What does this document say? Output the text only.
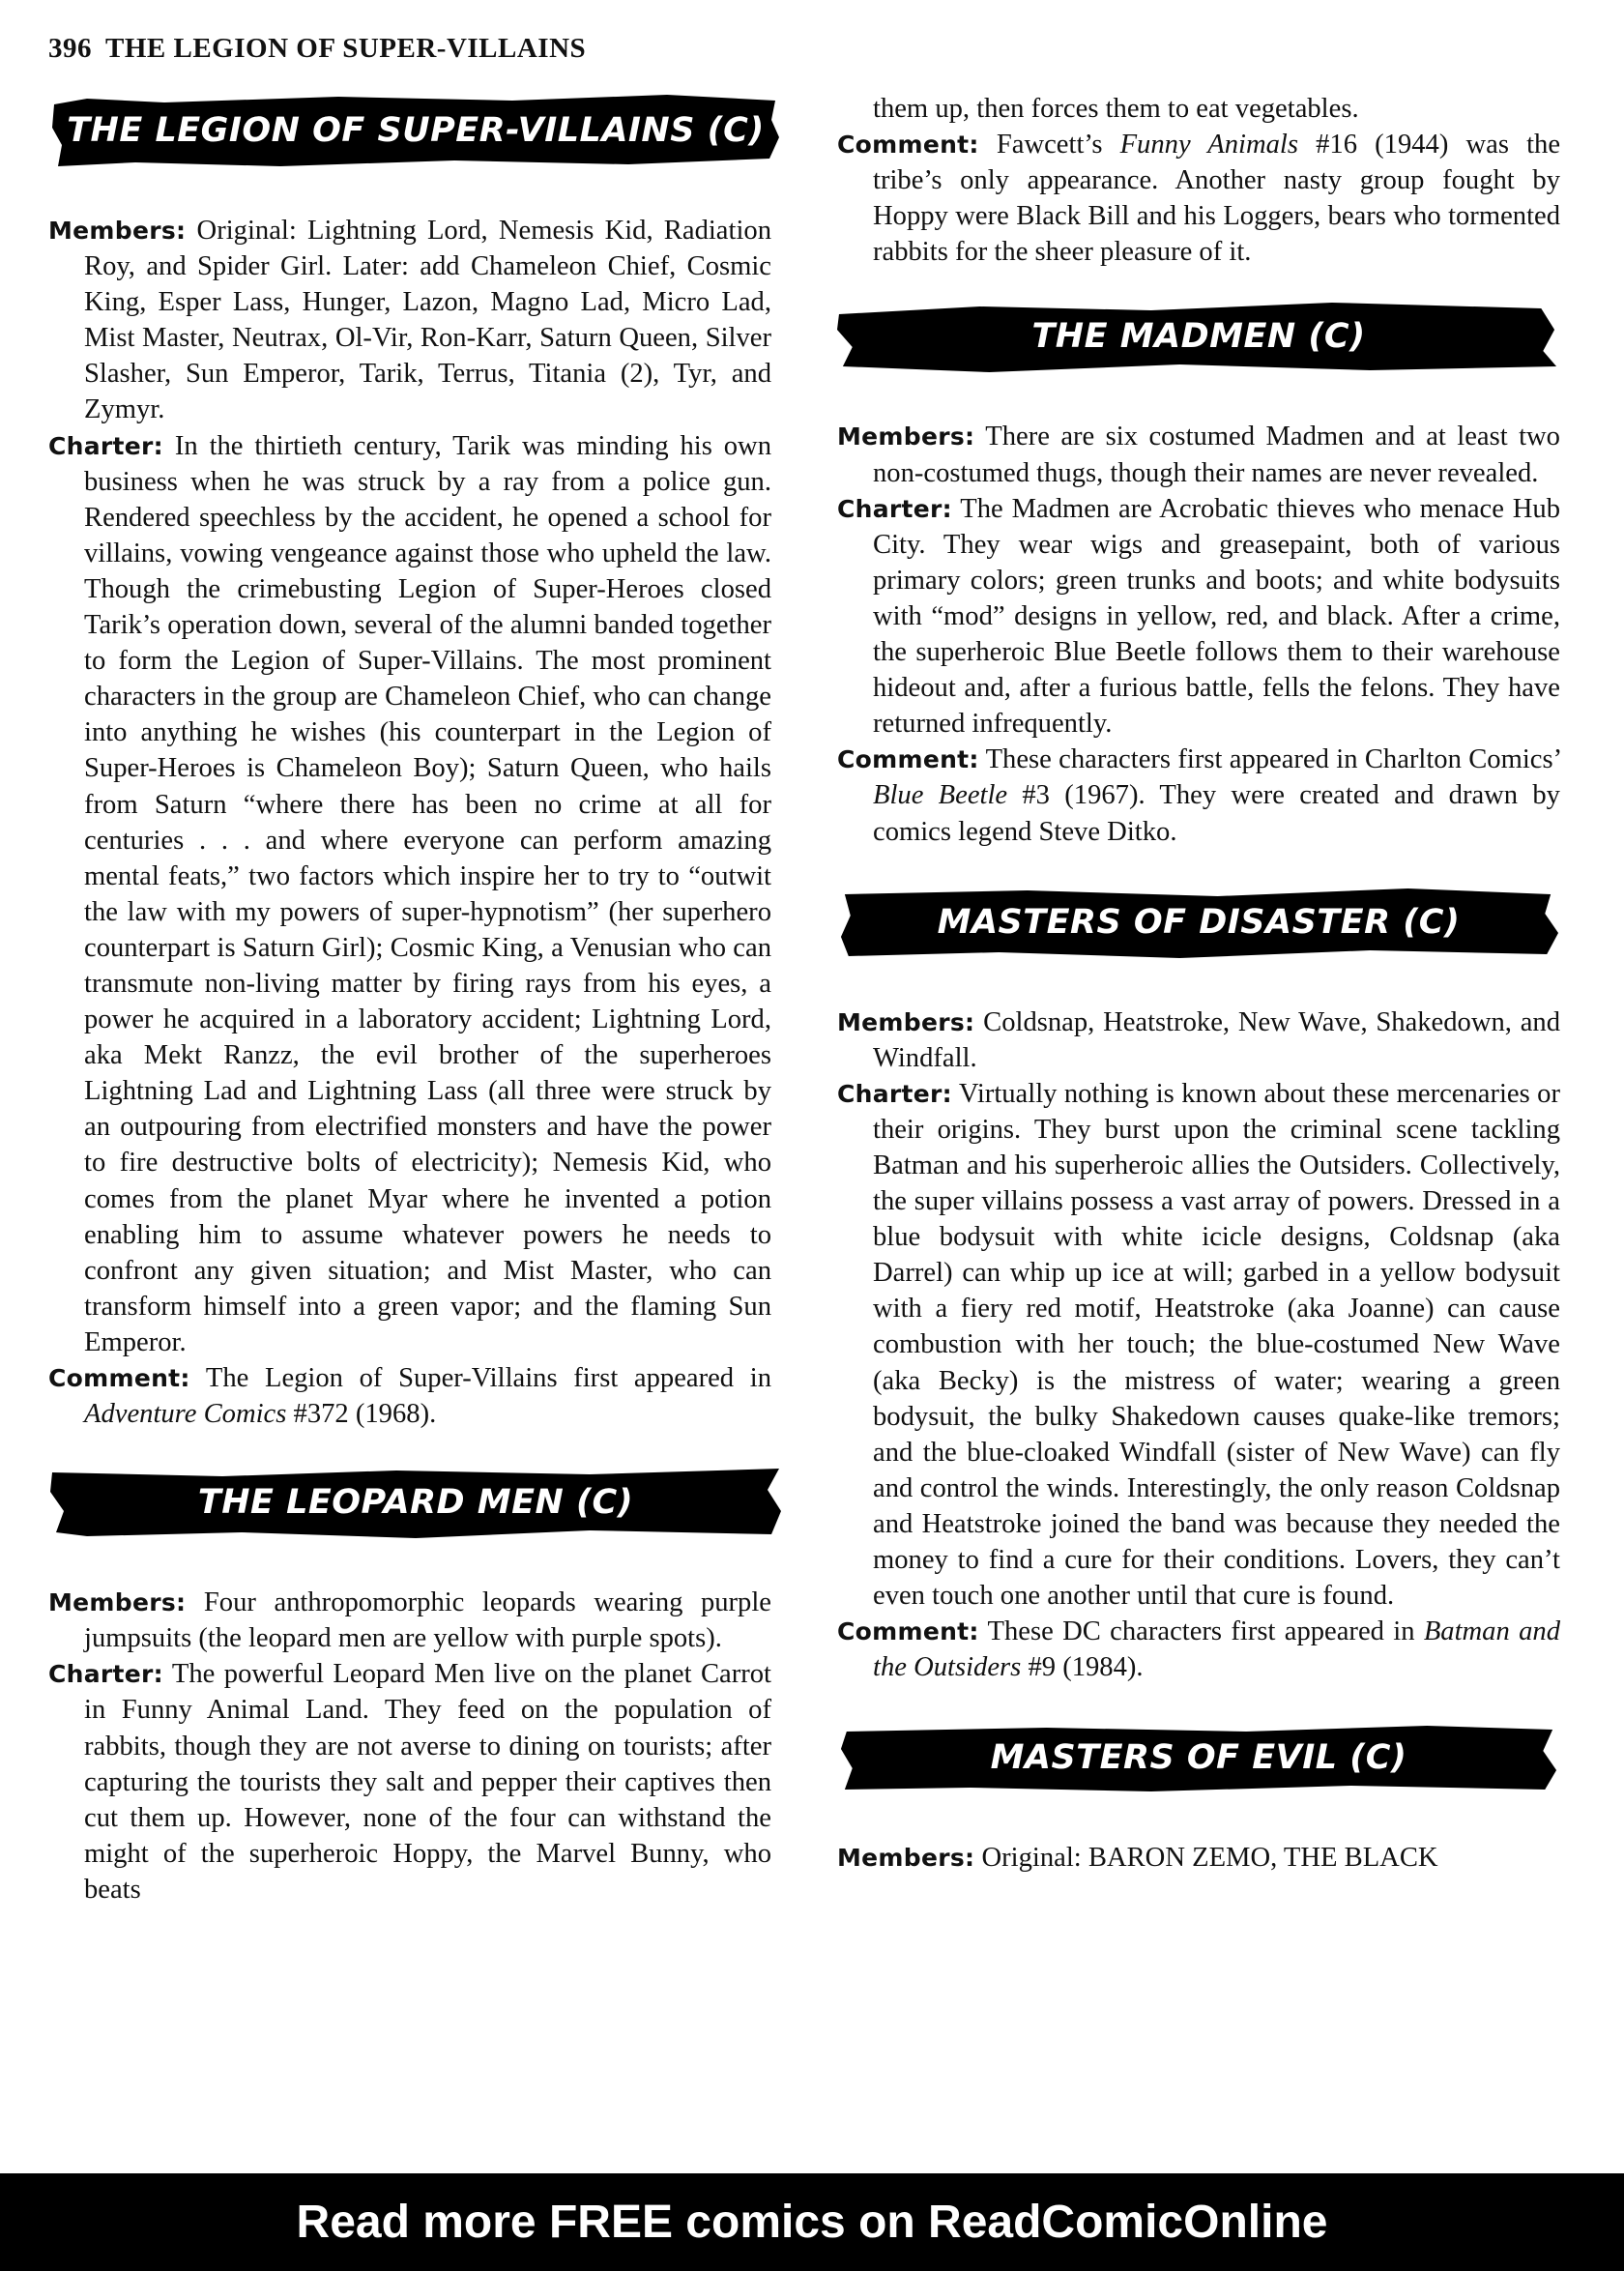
396 THE LEGION OF SUPER-VILLAINS
THE LEGION OF SUPER-VILLAINS (C)

Members: Original: Lightning Lord, Nemesis Kid, Radiation Roy, and Spider Girl. Later: add Chameleon Chief, Cosmic King, Esper Lass, Hunger, Lazon, Magno Lad, Micro Lad, Mist Master, Neutrax, Ol-Vir, Ron-Karr, Saturn Queen, Silver Slasher, Sun Emperor, Tarik, Terrus, Titania (2), Tyr, and Zymyr.

Charter: In the thirtieth century, Tarik was minding his own business when he was struck by a ray from a police gun. Rendered speechless by the accident, he opened a school for villains, vowing vengeance against those who upheld the law. Though the crimebusting Legion of Super-Heroes closed Tarik’s operation down, several of the alumni banded together to form the Legion of Super-Villains. The most prominent characters in the group are Chameleon Chief, who can change into anything he wishes (his counterpart in the Legion of Super-Heroes is Chameleon Boy); Saturn Queen, who hails from Saturn “where there has been no crime at all for centuries . . . and where everyone can perform amazing mental feats,” two factors which inspire her to try to “outwit the law with my powers of super-hypnotism” (her superhero counterpart is Saturn Girl); Cosmic King, a Venusian who can transmute non-living matter by firing rays from his eyes, a power he acquired in a laboratory accident; Lightning Lord, aka Mekt Ranzz, the evil brother of the superheroes Lightning Lad and Lightning Lass (all three were struck by an outpouring from electrified monsters and have the power to fire destructive bolts of electricity); Nemesis Kid, who comes from the planet Myar where he invented a potion enabling him to assume whatever powers he needs to confront any given situation; and Mist Master, who can transform himself into a green vapor; and the flaming Sun Emperor.

Comment: The Legion of Super-Villains first appeared in Adventure Comics #372 (1968).

THE LEOPARD MEN (C)

Members: Four anthropomorphic leopards wearing purple jumpsuits (the leopard men are yellow with purple spots).

Charter: The powerful Leopard Men live on the planet Carrot in Funny Animal Land. They feed on the population of rabbits, though they are not averse to dining on tourists; after capturing the tourists they salt and pepper their captives then cut them up. However, none of the four can withstand the might of the superheroic Hoppy, the Marvel Bunny, who beats

them up, then forces them to eat vegetables.

Comment: Fawcett’s Funny Animals #16 (1944) was the tribe’s only appearance. Another nasty group fought by Hoppy were Black Bill and his Loggers, bears who tormented rabbits for the sheer pleasure of it.

THE MADMEN (C)

Members: There are six costumed Madmen and at least two non-costumed thugs, though their names are never revealed.

Charter: The Madmen are Acrobatic thieves who menace Hub City. They wear wigs and greasepaint, both of various primary colors; green trunks and boots; and white bodysuits with “mod” designs in yellow, red, and black. After a crime, the superheroic Blue Beetle follows them to their warehouse hideout and, after a furious battle, fells the felons. They have returned infrequently.

Comment: These characters first appeared in Charlton Comics’ Blue Beetle #3 (1967). They were created and drawn by comics legend Steve Ditko.

MASTERS OF DISASTER (C)

Members: Coldsnap, Heatstroke, New Wave, Shakedown, and Windfall.

Charter: Virtually nothing is known about these mercenaries or their origins. They burst upon the criminal scene tackling Batman and his superheroic allies the Outsiders. Collectively, the super villains possess a vast array of powers. Dressed in a blue bodysuit with white icicle designs, Coldsnap (aka Darrel) can whip up ice at will; garbed in a yellow bodysuit with a fiery red motif, Heatstroke (aka Joanne) can cause combustion with her touch; the blue-costumed New Wave (aka Becky) is the mistress of water; wearing a green bodysuit, the bulky Shakedown causes quake-like tremors; and the blue-cloaked Windfall (sister of New Wave) can fly and control the winds. Interestingly, the only reason Coldsnap and Heatstroke joined the band was because they needed the money to find a cure for their conditions. Lovers, they can’t even touch one another until that cure is found.

Comment: These DC characters first appeared in Batman and the Outsiders #9 (1984).

MASTERS OF EVIL (C)

Members: Original: BARON ZEMO, THE BLACK

Read more FREE comics on ReadComicOnline
